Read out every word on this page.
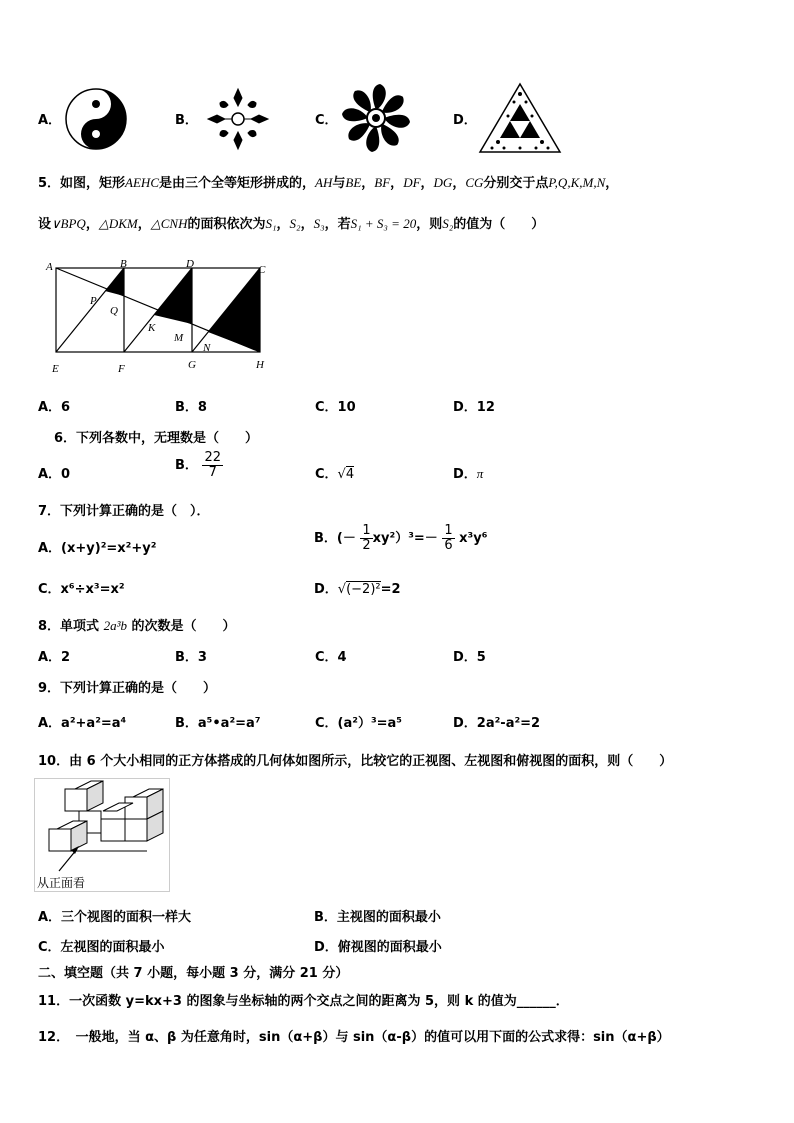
A．	B．	C．	D．
5．如图，矩形AEHC是由三个全等矩形拼成的，AH与BE，BF，DF，DG，CG分别交于点P,Q,K,M,N，
设∨BPQ，△DKM，△CNH的面积依次为S₁，S₂，S₃，若S₁ + S₃ = 20，则S₂的值为（　　）
A	B	D	C
P
Q
K
M
N
E	F	G	H
A．6	B．8	C．10	D．12
6．下列各数中，无理数是（　　）
A．0
B． $\frac{22}{7}$	C．√4	D．π
7．下列计算正确的是（　）．
A．(x+y)²=x²+y²
B．(－ $\frac{1}{2} xy^2)^3=- \frac{1}{6} x^3y^6$
C．x⁶÷x³=x²	D．√(−2)²=2
8．单项式 2a³b 的次数是（　　）
A．2	B．3	C．4	D．5
9．下列计算正确的是（　　）
A．a²+a²=a⁴	B．a⁵•a²=a⁷	C．(a²）³=a⁵	D．2a²-a²=2
10．由 6 个大小相同的正方体搭成的几何体如图所示，比较它的正视图、左视图和俯视图的面积，则（　　）
从正面看
A．三个视图的面积一样大	B．主视图的面积最小
C．左视图的面积最小	D．俯视图的面积最小
二、填空题（共 7 小题，每小题 3 分，满分 21 分）
11．一次函数 y=kx+3 的图象与坐标轴的两个交点之间的距离为 5，则 k 的值为______．
12．　一般地，当 α、β 为任意角时，sin（α+β）与 sin（α-β）的值可以用下面的公式求得：sin（α+β）
